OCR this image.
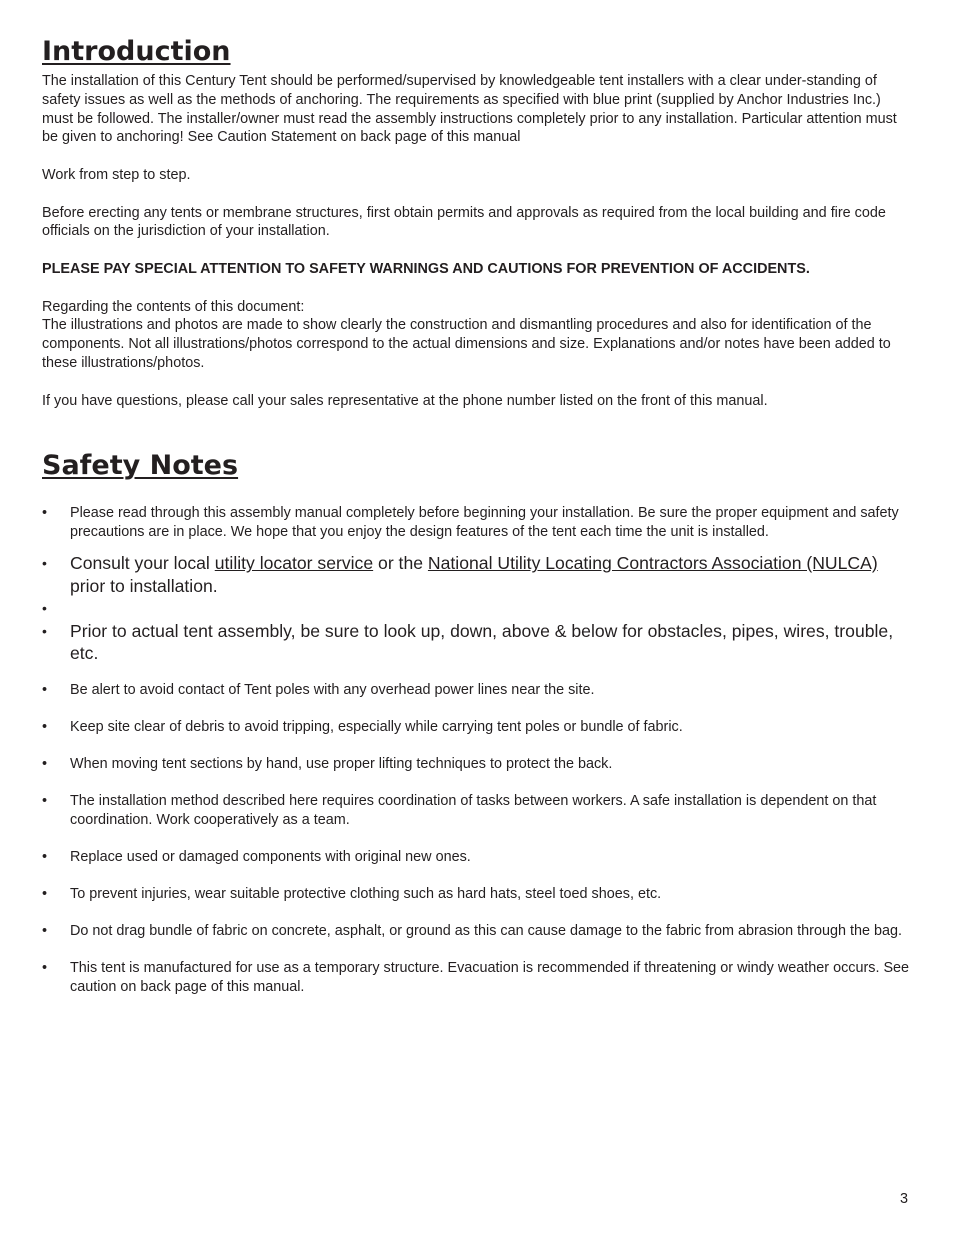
Introduction

The installation of this Century Tent should be performed/supervised by knowledgeable tent installers with a clear under-standing of safety issues as well as the methods of anchoring. The requirements as specified with blue print (supplied by Anchor Industries Inc.) must be followed. The installer/owner must read the assembly instructions completely prior to any installation. Particular attention must be given to anchoring! See Caution Statement on back page of this manual

Work from step to step.

Before erecting any tents or membrane structures, first obtain permits and approvals as required from the local building and fire code officials on the jurisdiction of your installation.

PLEASE PAY SPECIAL ATTENTION TO SAFETY WARNINGS AND CAUTIONS FOR PREVENTION OF ACCIDENTS.

Regarding the contents of this document:

The illustrations and photos are made to show clearly the construction and dismantling procedures and also for identification of the components. Not all illustrations/photos correspond to the actual dimensions and size. Explanations and/or notes have been added to these illustrations/photos.

If you have questions, please call your sales representative at the phone number listed on the front of this manual.

Safety Notes
• Please read through this assembly manual completely before beginning your installation. Be sure the proper equipment and safety precautions are in place. We hope that you enjoy the design features of the tent each time the unit is installed.
• Consult your local utility locator service or the National Utility Locating Contractors Association (NULCA) prior to installation.
•

• Prior to actual tent assembly, be sure to look up, down, above & below for obstacles, pipes, wires, trouble, etc.
• Be alert to avoid contact of Tent poles with any overhead power lines near the site.
• Keep site clear of debris to avoid tripping, especially while carrying tent poles or bundle of fabric.
• When moving tent sections by hand, use proper lifting techniques to protect the back.
• The installation method described here requires coordination of tasks between workers. A safe installation is dependent on that coordination. Work cooperatively as a team.
• Replace used or damaged components with original new ones.
• To prevent injuries, wear suitable protective clothing such as hard hats, steel toed shoes, etc.
• Do not drag bundle of fabric on concrete, asphalt, or ground as this can cause damage to the fabric from abrasion through the bag.
• This tent is manufactured for use as a temporary structure. Evacuation is recommended if threatening or windy weather occurs. See caution on back page of this manual.
3
